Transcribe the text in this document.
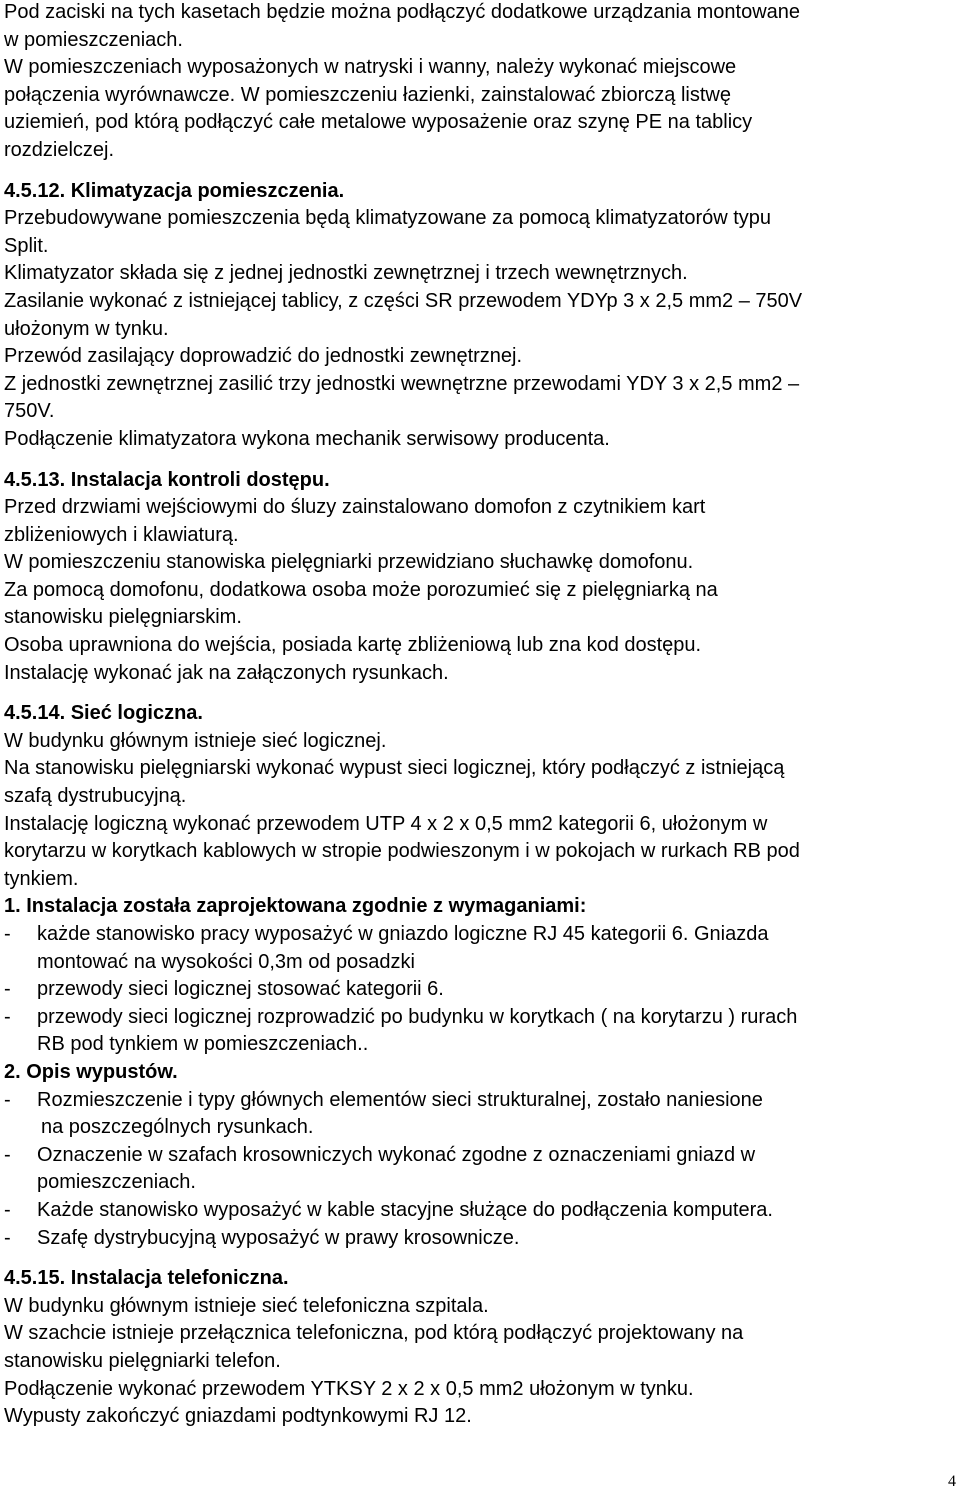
Pod zaciski na tych kasetach będzie można podłączyć dodatkowe urządzania montowane
w pomieszczeniach.
W pomieszczeniach wyposażonych w natryski i wanny, należy wykonać miejscowe
połączenia wyrównawcze. W pomieszczeniu łazienki, zainstalować zbiorczą listwę
uziemień, pod którą podłączyć całe metalowe wyposażenie oraz szynę PE na tablicy
rozdzielczej.
4.5.12. Klimatyzacja pomieszczenia.
Przebudowywane pomieszczenia będą klimatyzowane za pomocą klimatyzatorów typu
Split.
Klimatyzator składa się z jednej jednostki zewnętrznej i trzech wewnętrznych.
Zasilanie wykonać z istniejącej tablicy, z części SR przewodem YDYp 3 x 2,5 mm2 – 750V
ułożonym w tynku.
Przewód zasilający doprowadzić do jednostki zewnętrznej.
Z jednostki zewnętrznej zasilić trzy jednostki wewnętrzne przewodami YDY 3 x 2,5 mm2 –
750V.
Podłączenie klimatyzatora wykona mechanik serwisowy producenta.
4.5.13. Instalacja kontroli dostępu.
Przed drzwiami wejściowymi do śluzy zainstalowano domofon z czytnikiem kart
zbliżeniowych i klawiaturą.
W pomieszczeniu stanowiska pielęgniarki przewidziano słuchawkę domofonu.
Za pomocą domofonu, dodatkowa osoba może porozumieć się z pielęgniarką na
stanowisku pielęgniarskim.
Osoba uprawniona do wejścia, posiada kartę zbliżeniową lub zna kod dostępu.
Instalację wykonać jak na załączonych rysunkach.
4.5.14. Sieć logiczna.
W budynku głównym istnieje sieć logicznej.
Na stanowisku pielęgniarski wykonać wypust sieci logicznej, który podłączyć z istniejącą
szafą dystrubucyjną.
Instalację logiczną wykonać przewodem UTP 4 x 2 x 0,5 mm2 kategorii 6, ułożonym w
korytarzu w korytkach kablowych w stropie podwieszonym i w pokojach w rurkach RB pod
tynkiem.
1. Instalacja została zaprojektowana zgodnie z wymaganiami:
- każde stanowisko pracy wyposażyć w gniazdo logiczne RJ 45 kategorii 6. Gniazda
montować na wysokości 0,3m od posadzki
- przewody sieci logicznej stosować kategorii 6.
- przewody sieci logicznej rozprowadzić po budynku w korytkach ( na korytarzu ) rurach
RB pod tynkiem w pomieszczeniach..
2. Opis wypustów.
- Rozmieszczenie i typy głównych elementów sieci strukturalnej, zostało naniesione
na poszczególnych rysunkach.
- Oznaczenie w szafach krosowniczych wykonać zgodne z oznaczeniami gniazd w
pomieszczeniach.
- Każde stanowisko wyposażyć w kable stacyjne służące do podłączenia komputera.
- Szafę dystrybucyjną wyposażyć w prawy krosownicze.
4.5.15. Instalacja telefoniczna.
W budynku głównym istnieje sieć telefoniczna szpitala.
W szachcie istnieje przełącznica telefoniczna, pod którą podłączyć projektowany na
stanowisku pielęgniarki telefon.
Podłączenie wykonać przewodem YTKSY 2 x 2 x 0,5 mm2 ułożonym w tynku.
Wypusty zakończyć gniazdami podtynkowymi RJ 12.
4
